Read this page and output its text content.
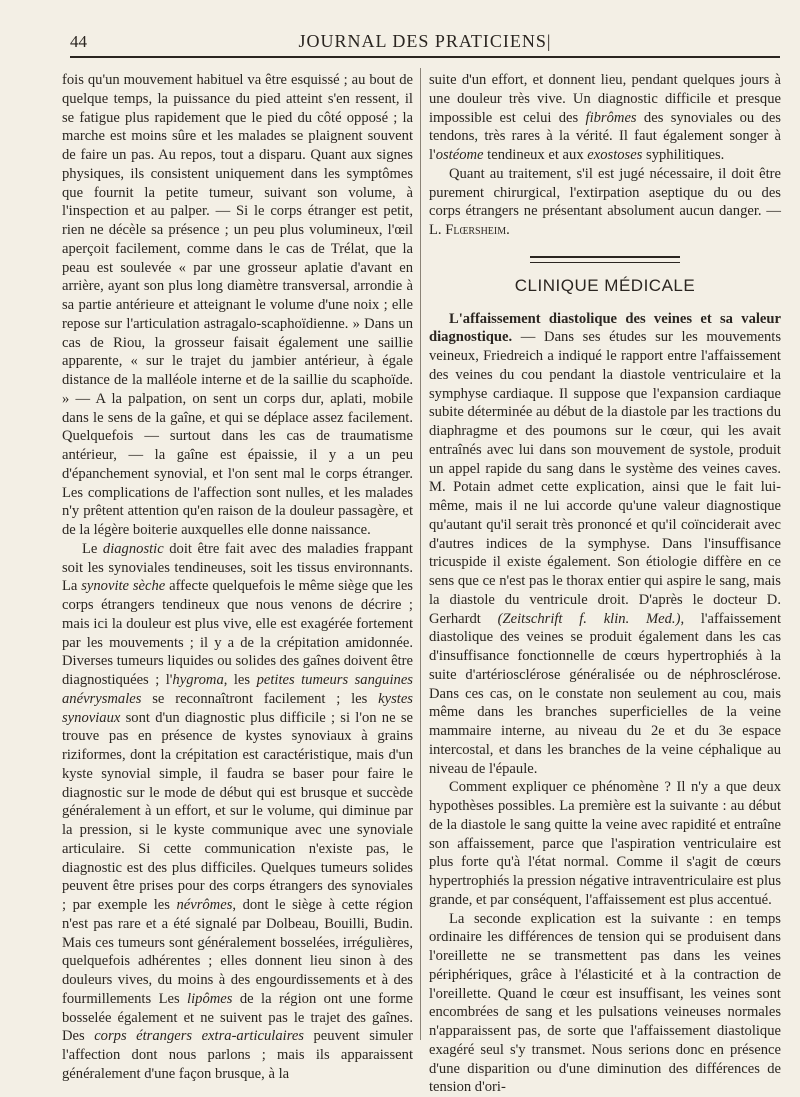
44	JOURNAL DES PRATICIENS|

fois qu'un mouvement habituel va être esquissé ; au bout de quelque temps, la puissance du pied atteint s'en ressent, il se fatigue plus rapidement que le pied du côté opposé ; la marche est moins sûre et les malades se plaignent souvent de faire un pas. Au repos, tout a disparu. Quant aux signes physiques, ils consistent uniquement dans les symptômes que fournit la petite tumeur, suivant son volume, à l'inspection et au palper. — Si le corps étranger est petit, rien ne décèle sa présence ; un peu plus volumineux, l'œil aperçoit facilement, comme dans le cas de Trélat, que la peau est soulevée « par une grosseur aplatie d'avant en arrière, ayant son plus long diamètre transversal, arrondie à sa partie antérieure et atteignant le volume d'une noix ; elle repose sur l'articulation astragalo-scaphoïdienne. » Dans un cas de Riou, la grosseur faisait également une saillie apparente, « sur le trajet du jambier antérieur, à égale distance de la malléole interne et de la saillie du scaphoïde. » — A la palpation, on sent un corps dur, aplati, mobile dans le sens de la gaîne, et qui se déplace assez facilement. Quelquefois — surtout dans les cas de traumatisme antérieur, — la gaîne est épaissie, il y a un peu d'épanchement synovial, et l'on sent mal le corps étranger. Les complications de l'affection sont nulles, et les malades n'y prêtent attention qu'en raison de la douleur passagère, et de la légère boiterie auxquelles elle donne naissance.

Le diagnostic doit être fait avec des maladies frappant soit les synoviales tendineuses, soit les tissus environnants. La synovite sèche affecte quelquefois le même siège que les corps étrangers tendineux que nous venons de décrire ; mais ici la douleur est plus vive, elle est exagérée fortement par les mouvements ; il y a de la crépitation amidonnée. Diverses tumeurs liquides ou solides des gaînes doivent être diagnostiquées ; l'hygroma, les petites tumeurs sanguines anévrysmales se reconnaîtront facilement ; les kystes synoviaux sont d'un diagnostic plus difficile ; si l'on ne se trouve pas en présence de kystes synoviaux à grains riziformes, dont la crépitation est caractéristique, mais d'un kyste synovial simple, il faudra se baser pour faire le diagnostic sur le mode de début qui est brusque et succède généralement à un effort, et sur le volume, qui diminue par la pression, si le kyste communique avec une synoviale articulaire. Si cette communication n'existe pas, le diagnostic est des plus difficiles. Quelques tumeurs solides peuvent être prises pour des corps étrangers des synoviales ; par exemple les névrômes, dont le siège à cette région n'est pas rare et a été signalé par Dolbeau, Bouilli, Budin. Mais ces tumeurs sont généralement bosselées, irrégulières, quelquefois adhérentes ; elles donnent lieu sinon à des douleurs vives, du moins à des engourdissements et à des fourmillements Les lipômes de la région ont une forme bosselée également et ne suivent pas le trajet des gaînes. Des corps étrangers extra-articulaires peuvent simuler l'affection dont nous parlons ; mais ils apparaissent généralement d'une façon brusque, à la

suite d'un effort, et donnent lieu, pendant quelques jours à une douleur très vive. Un diagnostic difficile et presque impossible est celui des fibrômes des synoviales ou des tendons, très rares à la vérité. Il faut également songer à l'ostéome tendineux et aux exostoses syphilitiques.

Quant au traitement, s'il est jugé nécessaire, il doit être purement chirurgical, l'extirpation aseptique du ou des corps étrangers ne présentant absolument aucun danger. — L. Flœrsheim.

CLINIQUE MÉDICALE

L'affaissement diastolique des veines et sa valeur diagnostique. — Dans ses études sur les mouvements veineux, Friedreich a indiqué le rapport entre l'affaissement des veines du cou pendant la diastole ventriculaire et la symphyse cardiaque. Il suppose que l'expansion cardiaque subite déterminée au début de la diastole par les tractions du diaphragme et des poumons sur le cœur, qui les avait entraînés avec lui dans son mouvement de systole, produit un appel rapide du sang dans le système des veines caves. M. Potain admet cette explication, ainsi que le fait lui-même, mais il ne lui accorde qu'une valeur diagnostique qu'autant qu'il serait très prononcé et qu'il coïnciderait avec d'autres indices de la symphyse. Dans l'insuffisance tricuspide il existe également. Son étiologie diffère en ce sens que ce n'est pas le thorax entier qui aspire le sang, mais la diastole du ventricule droit. D'après le docteur D. Gerhardt (Zeitschrift f. klin. Med.), l'affaissement diastolique des veines se produit également dans les cas d'insuffisance fonctionnelle de cœurs hypertrophiés à la suite d'artériosclérose généralisée ou de néphrosclérose. Dans ces cas, on le constate non seulement au cou, mais même dans les branches superficielles de la veine mammaire interne, au niveau du 2e et du 3e espace intercostal, et dans les branches de la veine céphalique au niveau de l'épaule.

Comment expliquer ce phénomène ? Il n'y a que deux hypothèses possibles. La première est la suivante : au début de la diastole le sang quitte la veine avec rapidité et entraîne son affaissement, parce que l'aspiration ventriculaire est plus forte qu'à l'état normal. Comme il s'agit de cœurs hypertrophiés la pression négative intraventriculaire est plus grande, et par conséquent, l'affaissement est plus accentué.

La seconde explication est la suivante : en temps ordinaire les différences de tension qui se produisent dans l'oreillette ne se transmettent pas dans les veines périphériques, grâce à l'élasticité et à la contraction de l'oreillette. Quand le cœur est insuffisant, les veines sont encombrées de sang et les pulsations veineuses normales n'apparaissent pas, de sorte que l'affaissement diastolique exagéré seul s'y transmet. Nous serions donc en présence d'une disparition ou d'une diminution des différences de tension d'ori-
